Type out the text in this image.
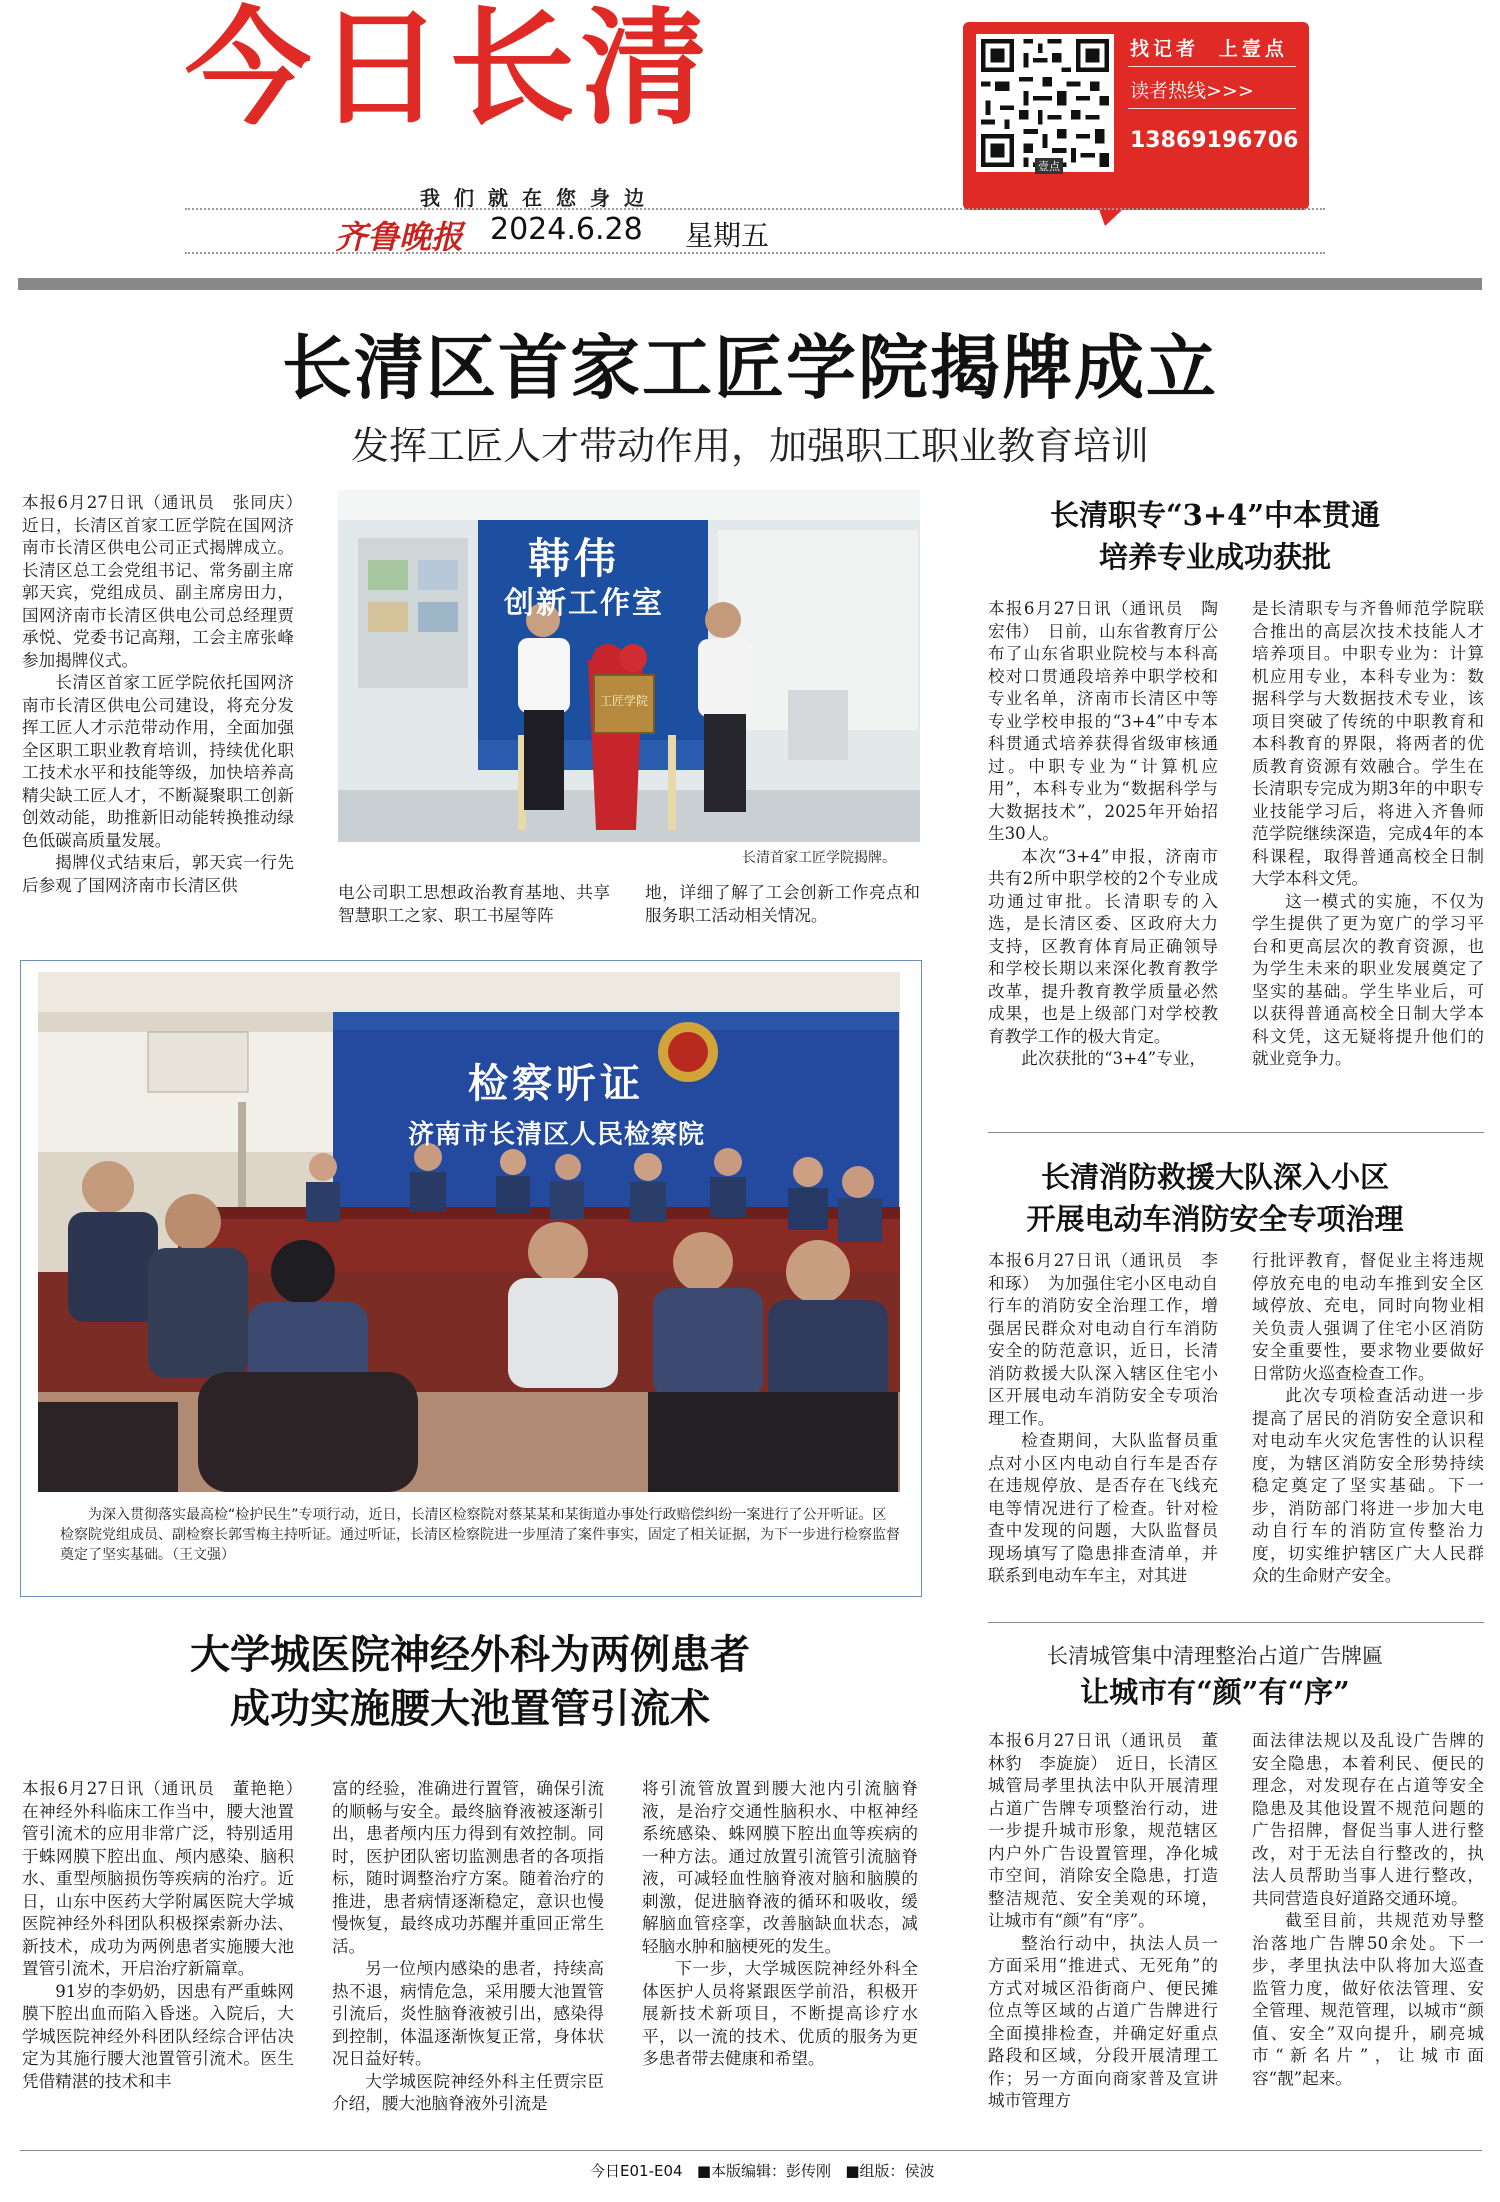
今日长清
壹点
找记者 上壹点
读者热线>>>
13869196706
我们就在您身边
齐鲁晚报 2024.6.28 星期五
长清区首家工匠学院揭牌成立
发挥工匠人才带动作用，加强职工职业教育培训

本报6月27日讯（通讯员　张同庆）　近日，长清区首家工匠学院在国网济南市长清区供电公司正式揭牌成立。长清区总工会党组书记、常务副主席郭天宾，党组成员、副主席房田力，国网济南市长清区供电公司总经理贾承悦、党委书记高翔，工会主席张峰参加揭牌仪式。

长清区首家工匠学院依托国网济南市长清区供电公司建设，将充分发挥工匠人才示范带动作用，全面加强全区职工职业教育培训，持续优化职工技术水平和技能等级，加快培养高精尖缺工匠人才，不断凝聚职工创新创效动能，助推新旧动能转换推动绿色低碳高质量发展。

揭牌仪式结束后，郭天宾一行先后参观了国网济南市长清区供

韩伟
创新工作室
工匠学院
长清首家工匠学院揭牌。

电公司职工思想政治教育基地、共享智慧职工之家、职工书屋等阵

地，详细了解了工会创新工作亮点和服务职工活动相关情况。

检察听证
济南市长清区人民检察院
为深入贯彻落实最高检“检护民生”专项行动，近日，长清区检察院对蔡某某和某街道办事处行政赔偿纠纷一案进行了公开听证。区检察院党组成员、副检察长郭雪梅主持听证。通过听证，长清区检察院进一步厘清了案件事实，固定了相关证据，为下一步进行检察监督奠定了坚实基础。（王文强）
大学城医院神经外科为两例患者
成功实施腰大池置管引流术

本报6月27日讯（通讯员　董艳艳）　在神经外科临床工作当中，腰大池置管引流术的应用非常广泛，特别适用于蛛网膜下腔出血、颅内感染、脑积水、重型颅脑损伤等疾病的治疗。近日，山东中医药大学附属医院大学城医院神经外科团队积极探索新办法、新技术，成功为两例患者实施腰大池置管引流术，开启治疗新篇章。

91岁的李奶奶，因患有严重蛛网膜下腔出血而陷入昏迷。入院后，大学城医院神经外科团队经综合评估决定为其施行腰大池置管引流术。医生凭借精湛的技术和丰

富的经验，准确进行置管，确保引流的顺畅与安全。最终脑脊液被逐渐引出，患者颅内压力得到有效控制。同时，医护团队密切监测患者的各项指标，随时调整治疗方案。随着治疗的推进，患者病情逐渐稳定，意识也慢慢恢复，最终成功苏醒并重回正常生活。

另一位颅内感染的患者，持续高热不退，病情危急，采用腰大池置管引流后，炎性脑脊液被引出，感染得到控制，体温逐渐恢复正常，身体状况日益好转。

大学城医院神经外科主任贾宗臣介绍，腰大池脑脊液外引流是

将引流管放置到腰大池内引流脑脊液，是治疗交通性脑积水、中枢神经系统感染、蛛网膜下腔出血等疾病的一种方法。通过放置引流管引流脑脊液，可减轻血性脑脊液对脑和脑膜的刺激，促进脑脊液的循环和吸收，缓解脑血管痉挛，改善脑缺血状态，减轻脑水肿和脑梗死的发生。

下一步，大学城医院神经外科全体医护人员将紧跟医学前沿，积极开展新技术新项目，不断提高诊疗水平，以一流的技术、优质的服务为更多患者带去健康和希望。

长清职专“3+4”中本贯通
培养专业成功获批

本报6月27日讯（通讯员　陶宏伟）　日前，山东省教育厅公布了山东省职业院校与本科高校对口贯通段培养中职学校和专业名单，济南市长清区中等专业学校申报的“3+4”中专本科贯通式培养获得省级审核通过。中职专业为“计算机应用”，本科专业为“数据科学与大数据技术”，2025年开始招生30人。

本次“3+4”申报，济南市共有2所中职学校的2个专业成功通过审批。长清职专的入选，是长清区委、区政府大力支持，区教育体育局正确领导和学校长期以来深化教育教学改革，提升教育教学质量必然成果，也是上级部门对学校教育教学工作的极大肯定。

此次获批的“3+4”专业，

是长清职专与齐鲁师范学院联合推出的高层次技术技能人才培养项目。中职专业为：计算机应用专业，本科专业为：数据科学与大数据技术专业，该项目突破了传统的中职教育和本科教育的界限，将两者的优质教育资源有效融合。学生在长清职专完成为期3年的中职专业技能学习后，将进入齐鲁师范学院继续深造，完成4年的本科课程，取得普通高校全日制大学本科文凭。

这一模式的实施，不仅为学生提供了更为宽广的学习平台和更高层次的教育资源，也为学生未来的职业发展奠定了坚实的基础。学生毕业后，可以获得普通高校全日制大学本科文凭，这无疑将提升他们的就业竞争力。

长清消防救援大队深入小区
开展电动车消防安全专项治理

本报6月27日讯（通讯员　李和琢）　为加强住宅小区电动自行车的消防安全治理工作，增强居民群众对电动自行车消防安全的防范意识，近日，长清消防救援大队深入辖区住宅小区开展电动车消防安全专项治理工作。

检查期间，大队监督员重点对小区内电动自行车是否存在违规停放、是否存在飞线充电等情况进行了检查。针对检查中发现的问题，大队监督员现场填写了隐患排查清单，并联系到电动车车主，对其进

行批评教育，督促业主将违规停放充电的电动车推到安全区域停放、充电，同时向物业相关负责人强调了住宅小区消防安全重要性，要求物业要做好日常防火巡查检查工作。

此次专项检查活动进一步提高了居民的消防安全意识和对电动车火灾危害性的认识程度，为辖区消防安全形势持续稳定奠定了坚实基础。下一步，消防部门将进一步加大电动自行车的消防宣传整治力度，切实维护辖区广大人民群众的生命财产安全。

长清城管集中清理整治占道广告牌匾
让城市有“颜”有“序”

本报6月27日讯（通讯员　董林豹　李旋旋）　近日，长清区城管局孝里执法中队开展清理占道广告牌专项整治行动，进一步提升城市形象，规范辖区内户外广告设置管理，净化城市空间，消除安全隐患，打造整洁规范、安全美观的环境，让城市有“颜”有“序”。

整治行动中，执法人员一方面采用“推进式、无死角”的方式对城区沿街商户、便民摊位点等区域的占道广告牌进行全面摸排检查，并确定好重点路段和区域，分段开展清理工作；另一方面向商家普及宣讲城市管理方

面法律法规以及乱设广告牌的安全隐患，本着利民、便民的理念，对发现存在占道等安全隐患及其他设置不规范问题的广告招牌，督促当事人进行整改，对于无法自行整改的，执法人员帮助当事人进行整改，共同营造良好道路交通环境。

截至目前，共规范劝导整治落地广告牌50余处。下一步，孝里执法中队将加大巡查监管力度，做好依法管理、安全管理、规范管理，以城市“颜值、安全”双向提升，刷亮城市“新名片”，让城市面容“靓”起来。

今日E01-E04 ■本版编辑：彭传刚 ■组版：侯波
